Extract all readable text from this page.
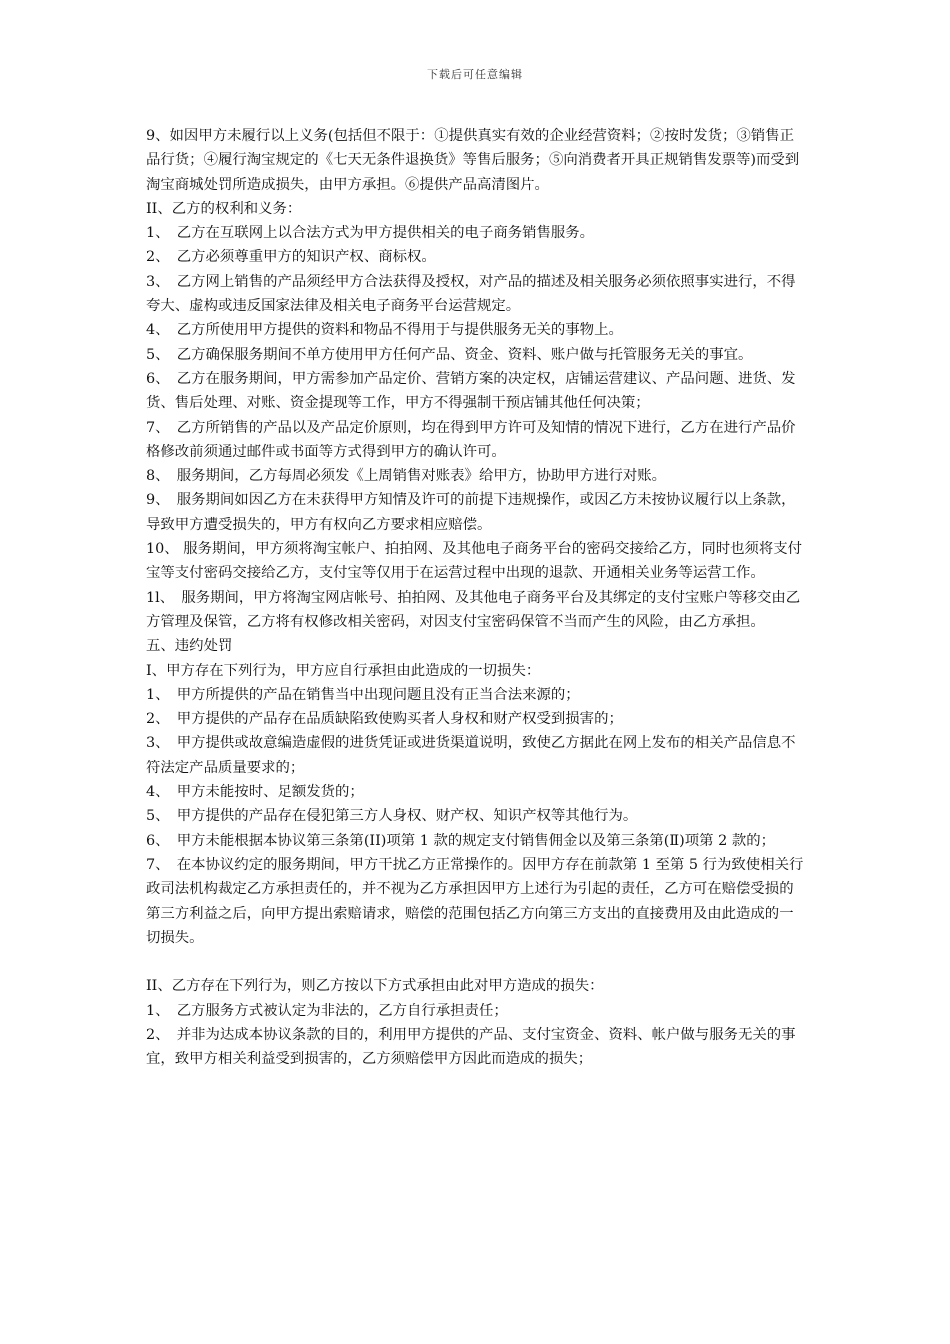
下载后可任意编辑

9、如因甲方未履行以上义务(包括但不限于：①提供真实有效的企业经营资料；②按时发货；③销售正品行货；④履行淘宝规定的《七天无条件退换货》等售后服务；⑤向消费者开具正规销售发票等)而受到淘宝商城处罚所造成损失，由甲方承担。⑥提供产品高清图片。

II、乙方的权利和义务：

1、　乙方在互联网上以合法方式为甲方提供相关的电子商务销售服务。

2、　乙方必须尊重甲方的知识产权、商标权。

3、　乙方网上销售的产品须经甲方合法获得及授权，对产品的描述及相关服务必须依照事实进行，不得夸大、虚构或违反国家法律及相关电子商务平台运营规定。

4、　乙方所使用甲方提供的资料和物品不得用于与提供服务无关的事物上。

5、　乙方确保服务期间不单方使用甲方任何产品、资金、资料、账户做与托管服务无关的事宜。

6、　乙方在服务期间，甲方需参加产品定价、营销方案的决定权，店铺运营建议、产品问题、进货、发货、售后处理、对账、资金提现等工作，甲方不得强制干预店铺其他任何决策；

7、　乙方所销售的产品以及产品定价原则，均在得到甲方许可及知情的情况下进行，乙方在进行产品价格修改前须通过邮件或书面等方式得到甲方的确认许可。

8、　服务期间，乙方每周必须发《上周销售对账表》给甲方，协助甲方进行对账。

9、　服务期间如因乙方在未获得甲方知情及许可的前提下违规操作，或因乙方未按协议履行以上条款，导致甲方遭受损失的，甲方有权向乙方要求相应赔偿。

10、 服务期间，甲方须将淘宝帐户、拍拍网、及其他电子商务平台的密码交接给乙方，同时也须将支付宝等支付密码交接给乙方，支付宝等仅用于在运营过程中出现的退款、开通相关业务等运营工作。

1l、　服务期间，甲方将淘宝网店帐号、拍拍网、及其他电子商务平台及其绑定的支付宝账户等移交由乙方管理及保管，乙方将有权修改相关密码，对因支付宝密码保管不当而产生的风险，由乙方承担。

五、违约处罚

I、甲方存在下列行为，甲方应自行承担由此造成的一切损失：

1、　甲方所提供的产品在销售当中出现问题且没有正当合法来源的；

2、　甲方提供的产品存在品质缺陷致使购买者人身权和财产权受到损害的；

3、　甲方提供或故意编造虚假的进货凭证或进货渠道说明，致使乙方据此在网上发布的相关产品信息不符法定产品质量要求的；

4、　甲方未能按时、足额发货的；

5、　甲方提供的产品存在侵犯第三方人身权、财产权、知识产权等其他行为。

6、　甲方未能根据本协议第三条第(II)项第 1 款的规定支付销售佣金以及第三条第(Ⅱ)项第 2 款的；

7、　在本协议约定的服务期间，甲方干扰乙方正常操作的。因甲方存在前款第 1 至第 5 行为致使相关行政司法机构裁定乙方承担责任的，并不视为乙方承担因甲方上述行为引起的责任，乙方可在赔偿受损的第三方利益之后，向甲方提出索赔请求，赔偿的范围包括乙方向第三方支出的直接费用及由此造成的一切损失。

II、乙方存在下列行为，则乙方按以下方式承担由此对甲方造成的损失：

1、　乙方服务方式被认定为非法的，乙方自行承担责任；

2、　并非为达成本协议条款的目的，利用甲方提供的产品、支付宝资金、资料、帐户做与服务无关的事宜，致甲方相关利益受到损害的，乙方须赔偿甲方因此而造成的损失；
